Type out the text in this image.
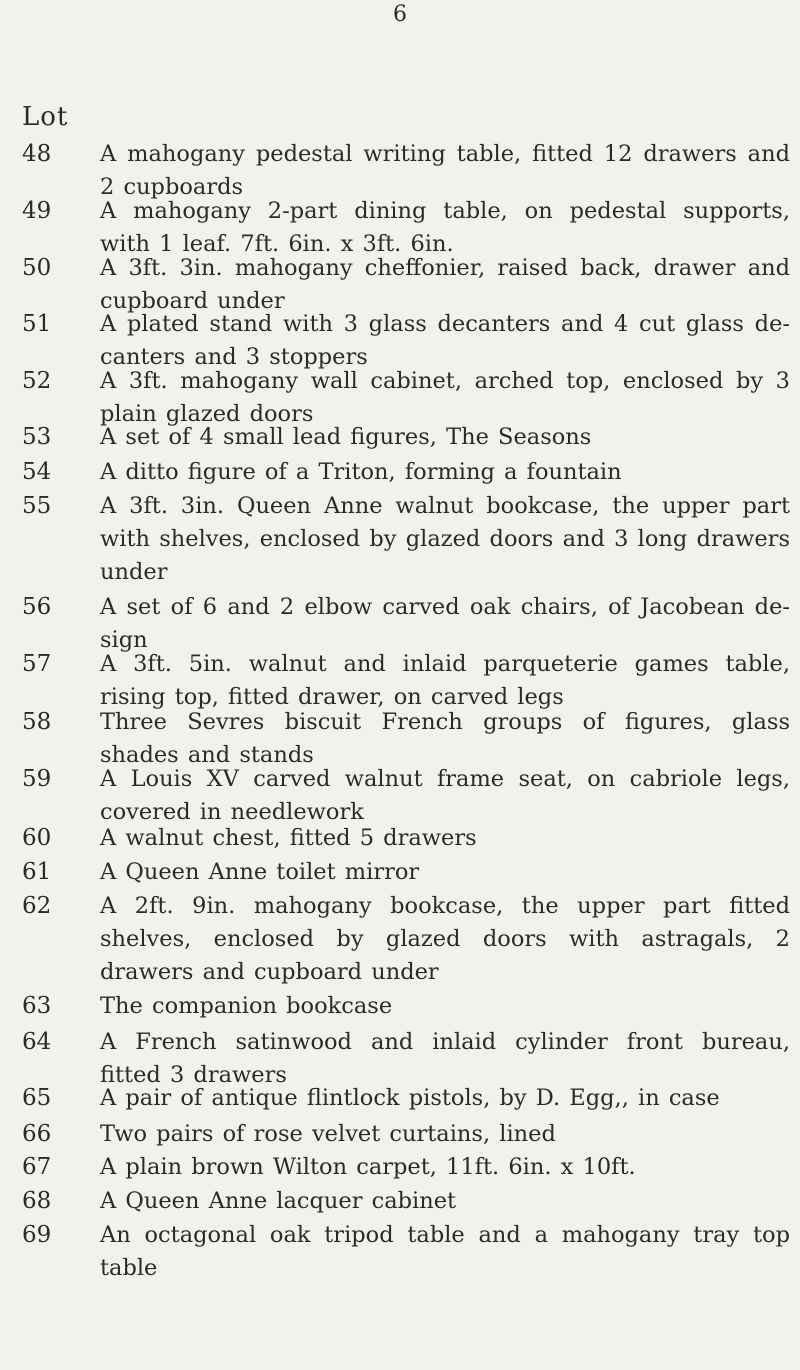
6
Lot
48	A mahogany pedestal writing table, fitted 12 drawers and 2 cupboards
49	A mahogany 2-part dining table, on pedestal supports, with 1 leaf. 7ft. 6in. x 3ft. 6in.
50	A 3ft. 3in. mahogany cheffonier, raised back, drawer and cupboard under
51	A plated stand with 3 glass decanters and 4 cut glass de-canters and 3 stoppers
52	A 3ft. mahogany wall cabinet, arched top, enclosed by 3 plain glazed doors
53	A set of 4 small lead figures, The Seasons
54	A ditto figure of a Triton, forming a fountain
55	A 3ft. 3in. Queen Anne walnut bookcase, the upper part with shelves, enclosed by glazed doors and 3 long drawers under
56	A set of 6 and 2 elbow carved oak chairs, of Jacobean de-sign
57	A 3ft. 5in. walnut and inlaid parqueterie games table, rising top, fitted drawer, on carved legs
58	Three Sevres biscuit French groups of figures, glass shades and stands
59	A Louis XV carved walnut frame seat, on cabriole legs, covered in needlework
60	A walnut chest, fitted 5 drawers
61	A Queen Anne toilet mirror
62	A 2ft. 9in. mahogany bookcase, the upper part fitted shelves, enclosed by glazed doors with astragals, 2 drawers and cupboard under
63	The companion bookcase
64	A French satinwood and inlaid cylinder front bureau, fitted 3 drawers
65	A pair of antique flintlock pistols, by D. Egg,, in case
66	Two pairs of rose velvet curtains, lined
67	A plain brown Wilton carpet, 11ft. 6in. x 10ft.
68	A Queen Anne lacquer cabinet
69	An octagonal oak tripod table and a mahogany tray top table
